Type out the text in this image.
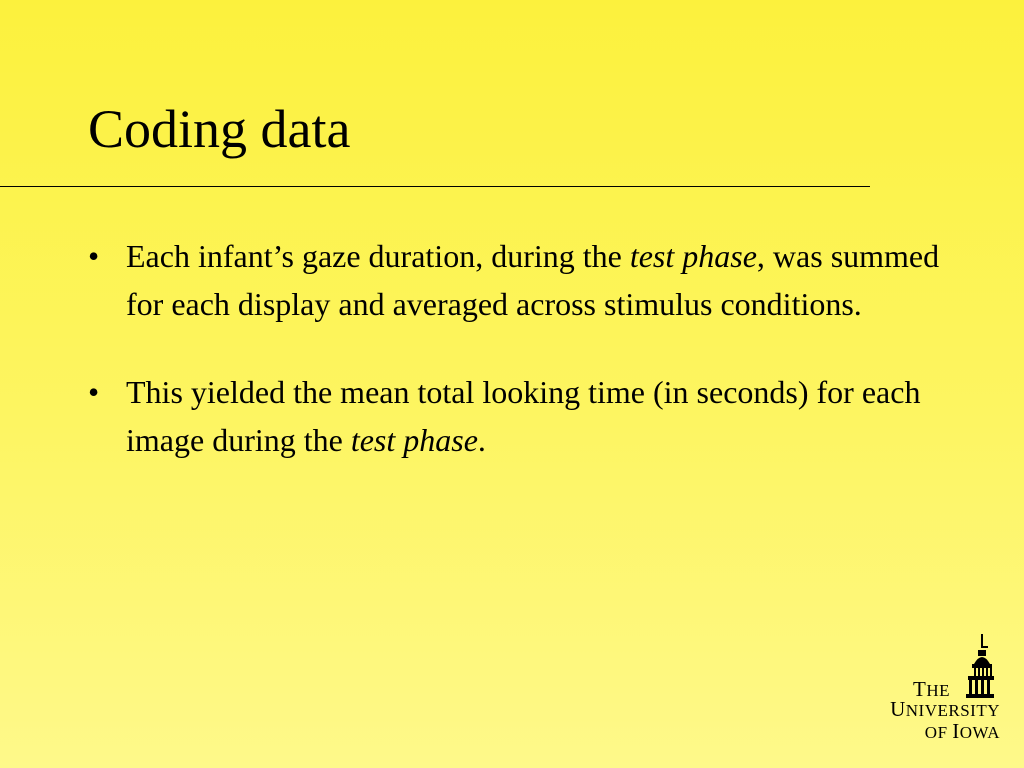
Coding data
• Each infant’s gaze duration, during the test phase, was summed for each display and averaged across stimulus conditions.
• This yielded the mean total looking time (in seconds) for each image during the test phase.
THE
UNIVERSITY
OF IOWA
